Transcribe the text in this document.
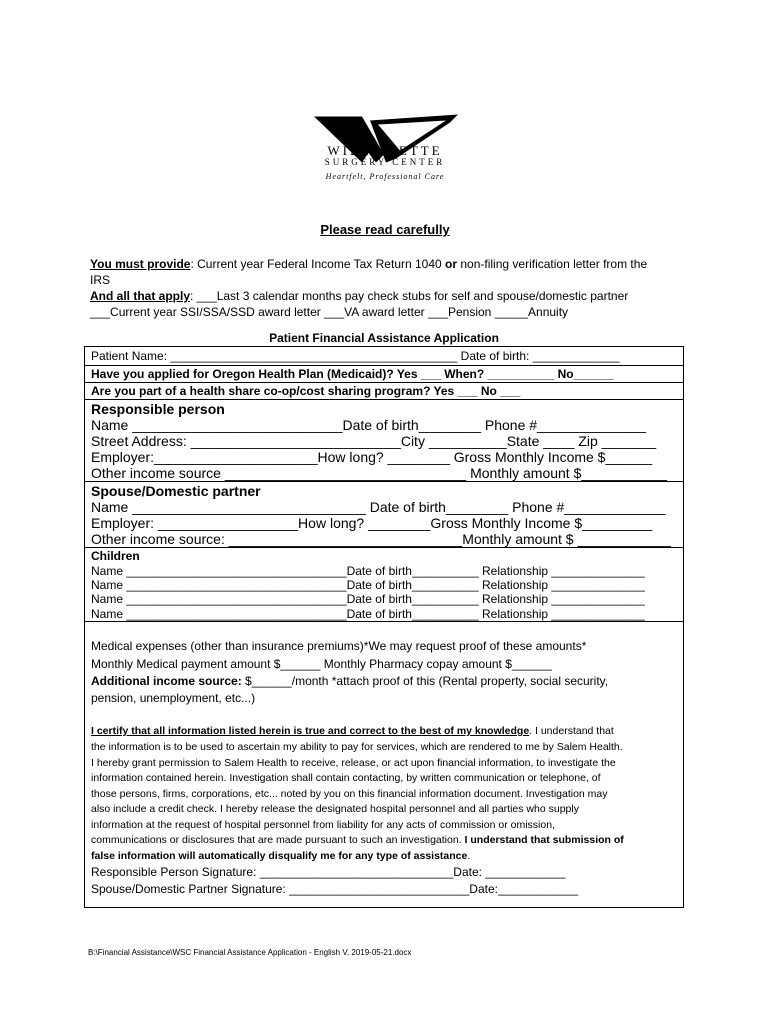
WILLAMETTE
SURGERY CENTER
Heartfelt, Professional Care
Please read carefully
You must provide: Current year Federal Income Tax Return 1040 or non-filing verification letter from the
IRS
And all that apply: ___Last 3 calendar months pay check stubs for self and spouse/domestic partner
___Current year SSI/SSA/SSD award letter ___VA award letter ___Pension _____Annuity
Patient Financial Assistance Application
Patient Name: ___________________________________________ Date of birth: _____________
Have you applied for Oregon Health Plan (Medicaid)? Yes ___ When? __________ No______
Are you part of a health share co-op/cost sharing program? Yes ___ No ___
Responsible person
Name ___________________________Date of birth________ Phone #______________
Street Address: ___________________________City __________State ____ Zip _______
Employer:_____________________How long? ________ Gross Monthly Income $______
Other income source _______________________________ Monthly amount $___________
Spouse/Domestic partner
Name ______________________________ Date of birth________ Phone #_____________
Employer: __________________How long? ________Gross Monthly Income $_________
Other income source: ______________________________Monthly amount $ ____________
Children
Name _________________________________Date of birth__________ Relationship ______________
Name _________________________________Date of birth__________ Relationship ______________
Name _________________________________Date of birth__________ Relationship ______________
Name _________________________________Date of birth__________ Relationship ______________
Medical expenses (other than insurance premiums)*We may request proof of these amounts*
Monthly Medical payment amount $______ Monthly Pharmacy copay amount $______
Additional income source: $______/month *attach proof of this (Rental property, social security,
pension, unemployment, etc...)
I certify that all information listed herein is true and correct to the best of my knowledge. I understand that
the information is to be used to ascertain my ability to pay for services, which are rendered to me by Salem Health.
I hereby grant permission to Salem Health to receive, release, or act upon financial information, to investigate the
information contained herein. Investigation shall contain contacting, by written communication or telephone, of
those persons, firms, corporations, etc... noted by you on this financial information document. Investigation may
also include a credit check. I hereby release the designated hospital personnel and all parties who supply
information at the request of hospital personnel from liability for any acts of commission or omission,
communications or disclosures that are made pursuant to such an investigation. I understand that submission of
false information will automatically disqualify me for any type of assistance.
Responsible Person Signature: _____________________________Date: ____________
Spouse/Domestic Partner Signature: ___________________________Date:____________
B:\Financial Assistance\WSC Financial Assistance Application - English V. 2019-05-21.docx
